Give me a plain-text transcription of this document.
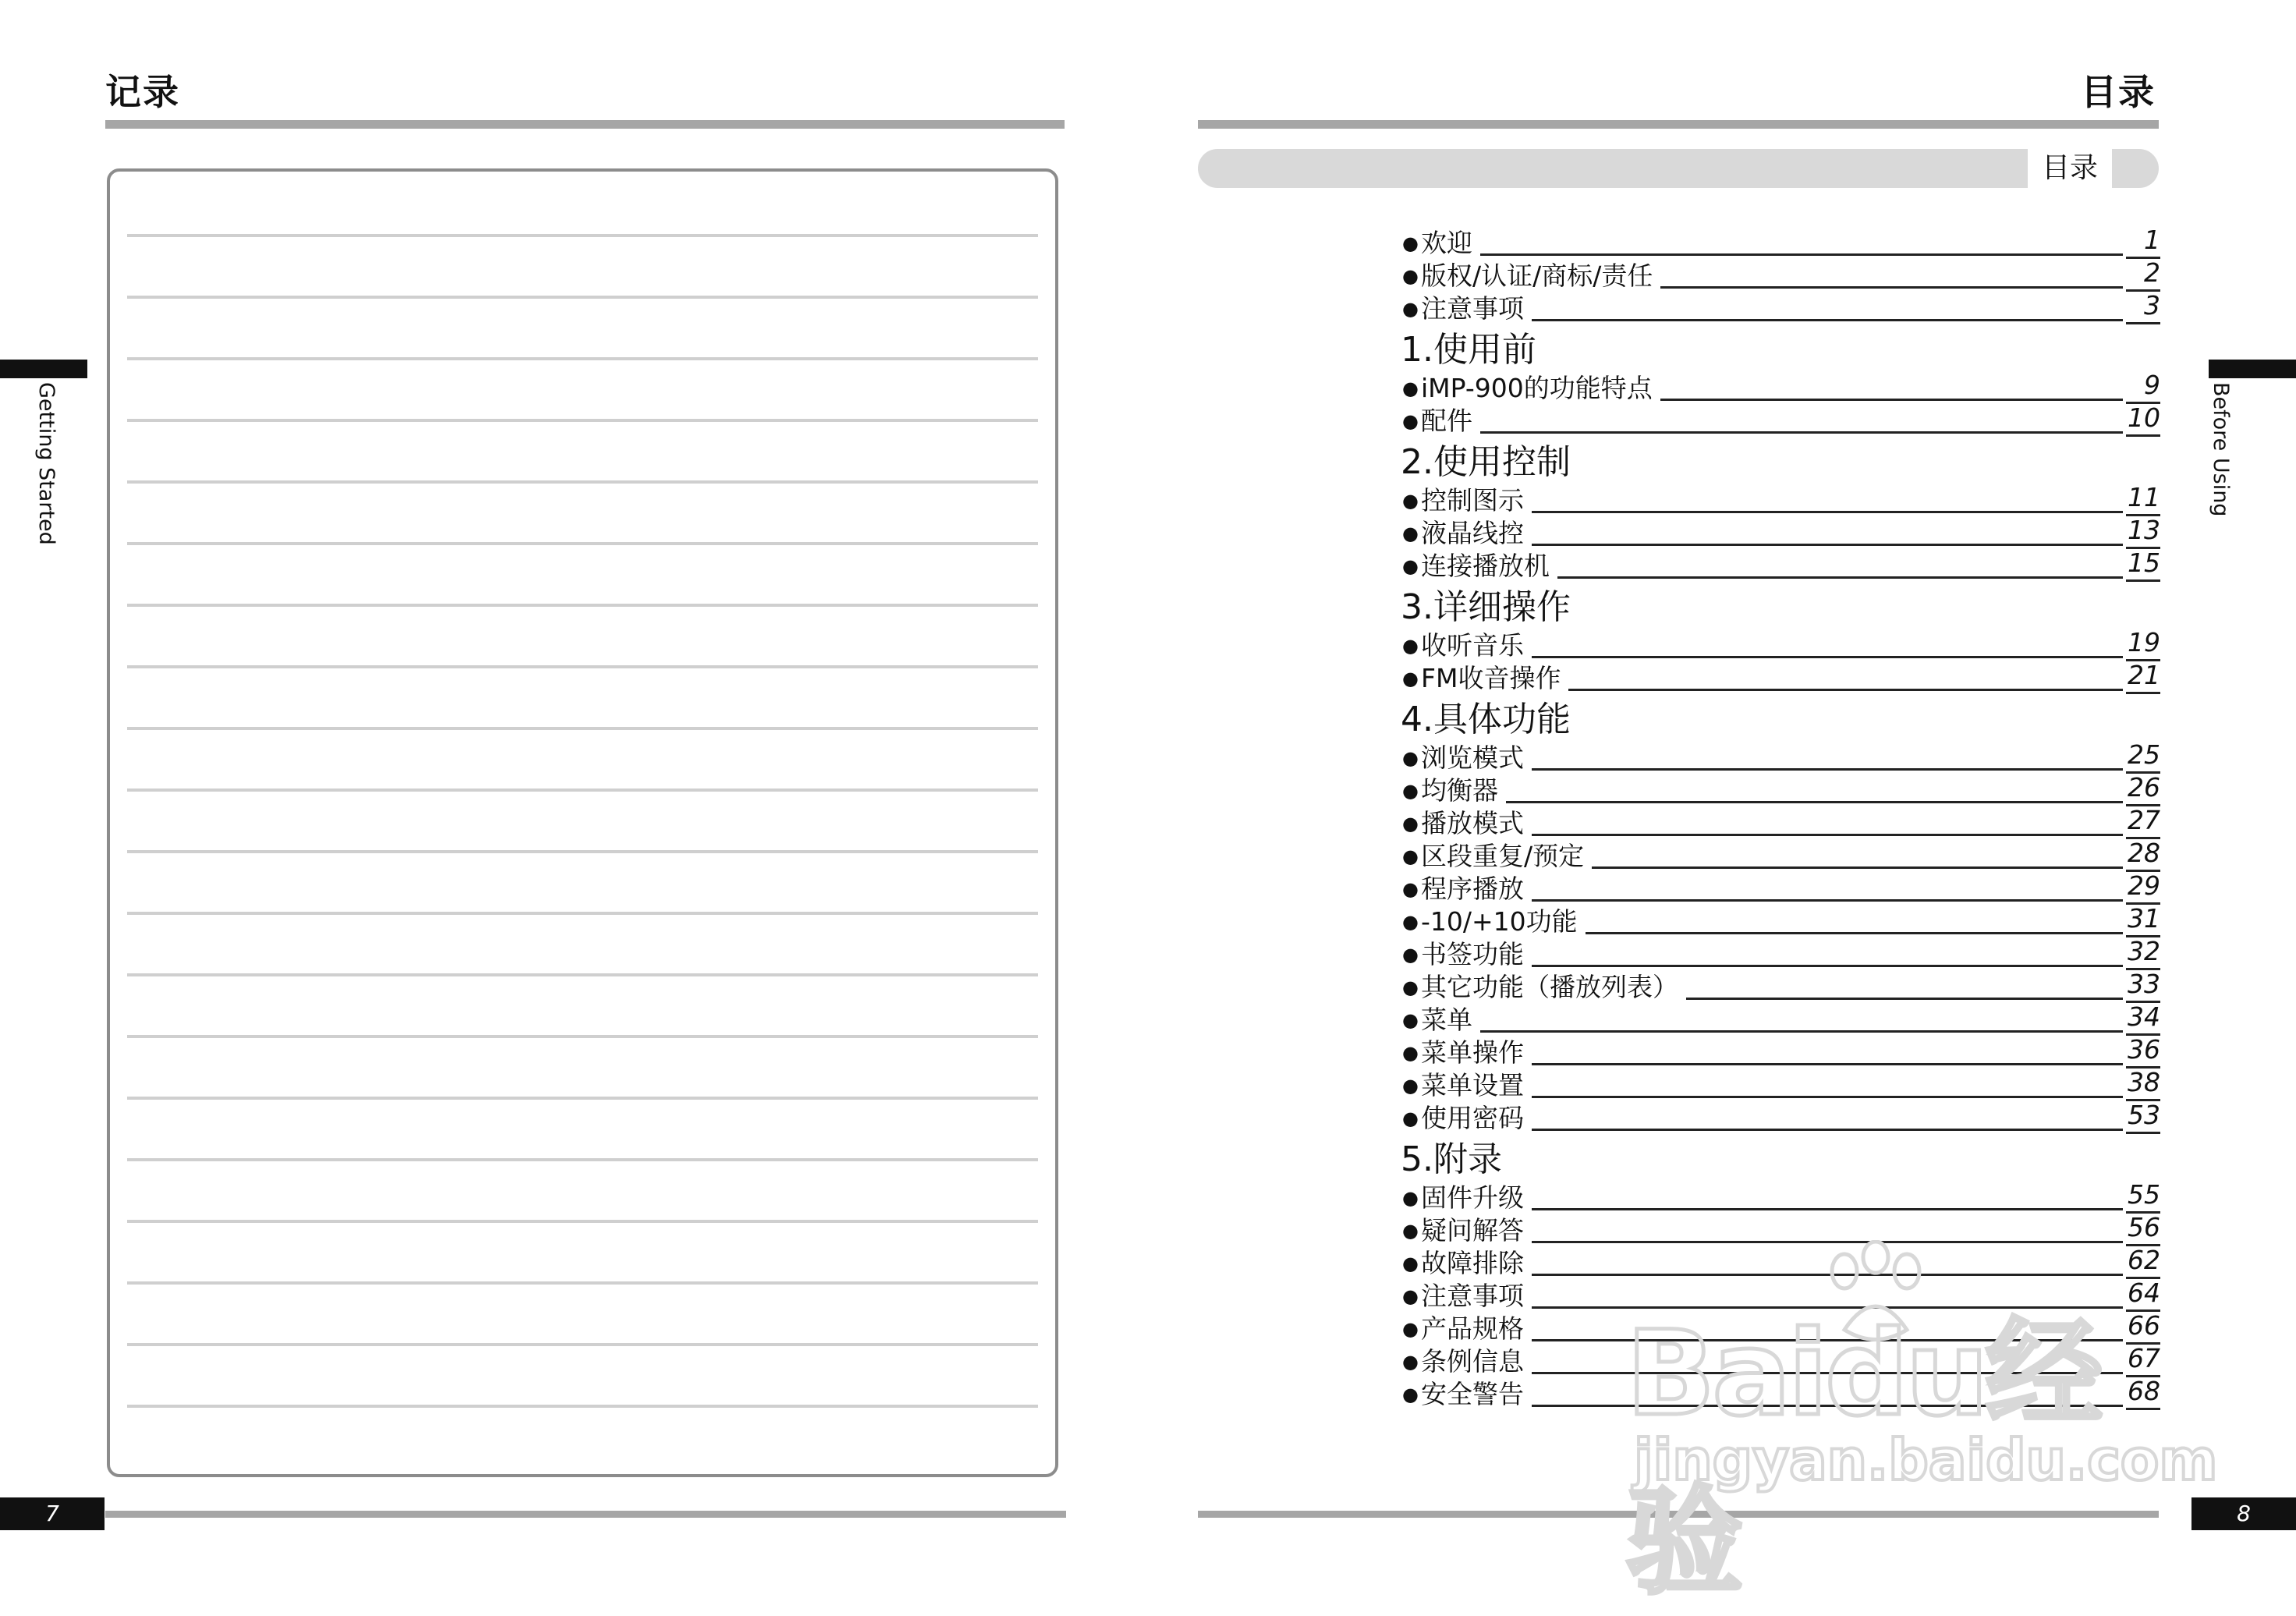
记录
Getting Started
7
目录
目录
Before Using
● 欢迎	1
● 版权/认证/商标/责任	2
● 注意事项	3
1.使用前
● iMP-900的功能特点	9
● 配件	10
2.使用控制
● 控制图示	11
● 液晶线控	13
● 连接播放机	15
3.详细操作
● 收听音乐	19
● FM收音操作	21
4.具体功能
● 浏览模式	25
● 均衡器	26
● 播放模式	27
● 区段重复/预定	28
● 程序播放	29
● -10/+10功能	31
● 书签功能	32
● 其它功能（播放列表）	33
● 菜单	34
● 菜单操作	36
● 菜单设置	38
● 使用密码	53
5.附录
● 固件升级	55
● 疑问解答	56
● 故障排除	62
● 注意事项	64
● 产品规格	66
● 条例信息	67
● 安全警告	68
8
Baidu经验
jingyan.baidu.com
